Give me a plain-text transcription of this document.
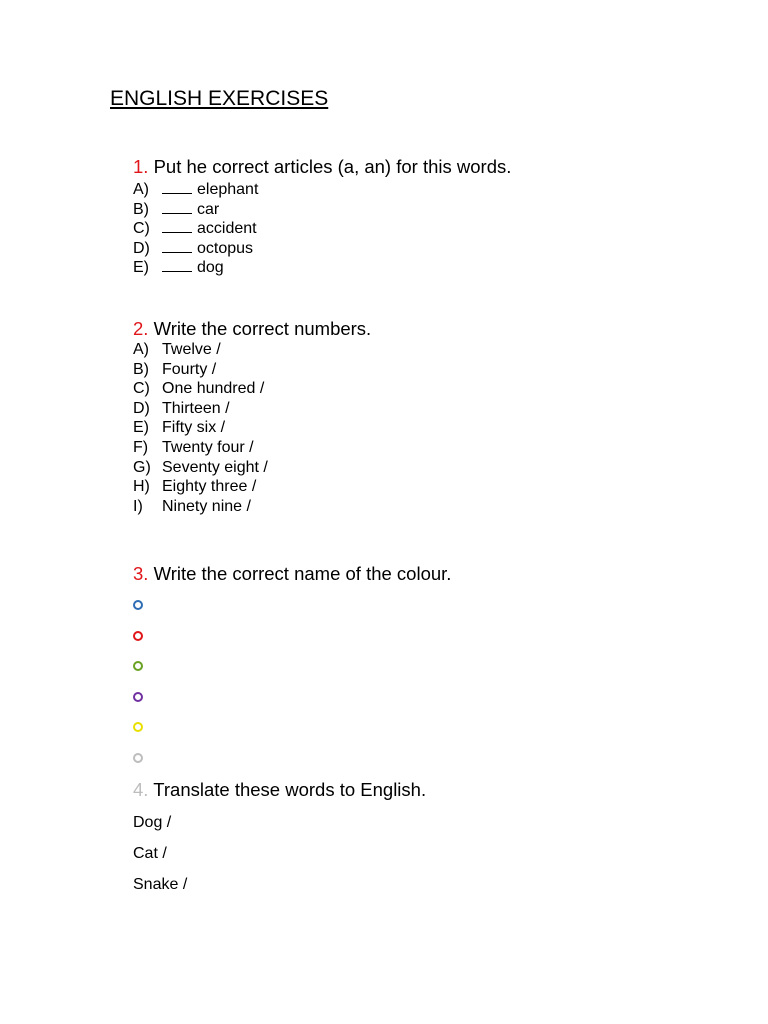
ENGLISH EXERCISES

1. Put he correct articles (a, an) for this words.

A)	elephant
B)	car
C)	accident
D)	octopus
E)	dog

2. Write the correct numbers.

A) Twelve /
B) Fourty /
C) One hundred /
D) Thirteen /
E) Fifty six /
F) Twenty four /
G) Seventy eight /
H) Eighty three /
I) Ninety nine /

3. Write the correct name of the colour.

4. Translate these words to English.

Dog /
Cat /
Snake /
